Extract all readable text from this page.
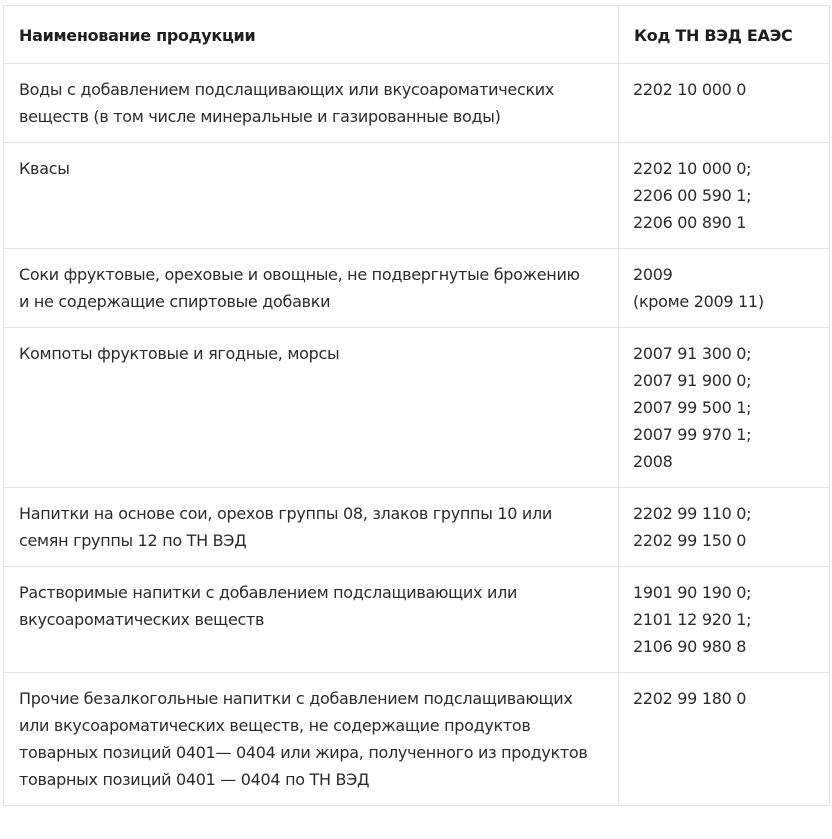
Наименование продукции	Код ТН ВЭД ЕАЭС

Воды с добавлением подслащивающих или вкусоароматических
веществ (в том числе минеральные и газированные воды)	2202 10 000 0

Квасы	2202 10 000 0;
2206 00 590 1;
2206 00 890 1

Соки фруктовые, ореховые и овощные, не подвергнутые брожению
и не содержащие спиртовые добавки	2009
(кроме 2009 11)

Компоты фруктовые и ягодные, морсы	2007 91 300 0;
2007 91 900 0;
2007 99 500 1;
2007 99 970 1;
2008

Напитки на основе сои, орехов группы 08, злаков группы 10 или
семян группы 12 по ТН ВЭД	2202 99 110 0;
2202 99 150 0

Растворимые напитки с добавлением подслащивающих или
вкусоароматических веществ	1901 90 190 0;
2101 12 920 1;
2106 90 980 8

Прочие безалкогольные напитки с добавлением подслащивающих
или вкусоароматических веществ, не содержащие продуктов
товарных позиций 0401— 0404 или жира, полученного из продуктов
товарных позиций 0401 — 0404 по ТН ВЭД	2202 99 180 0
